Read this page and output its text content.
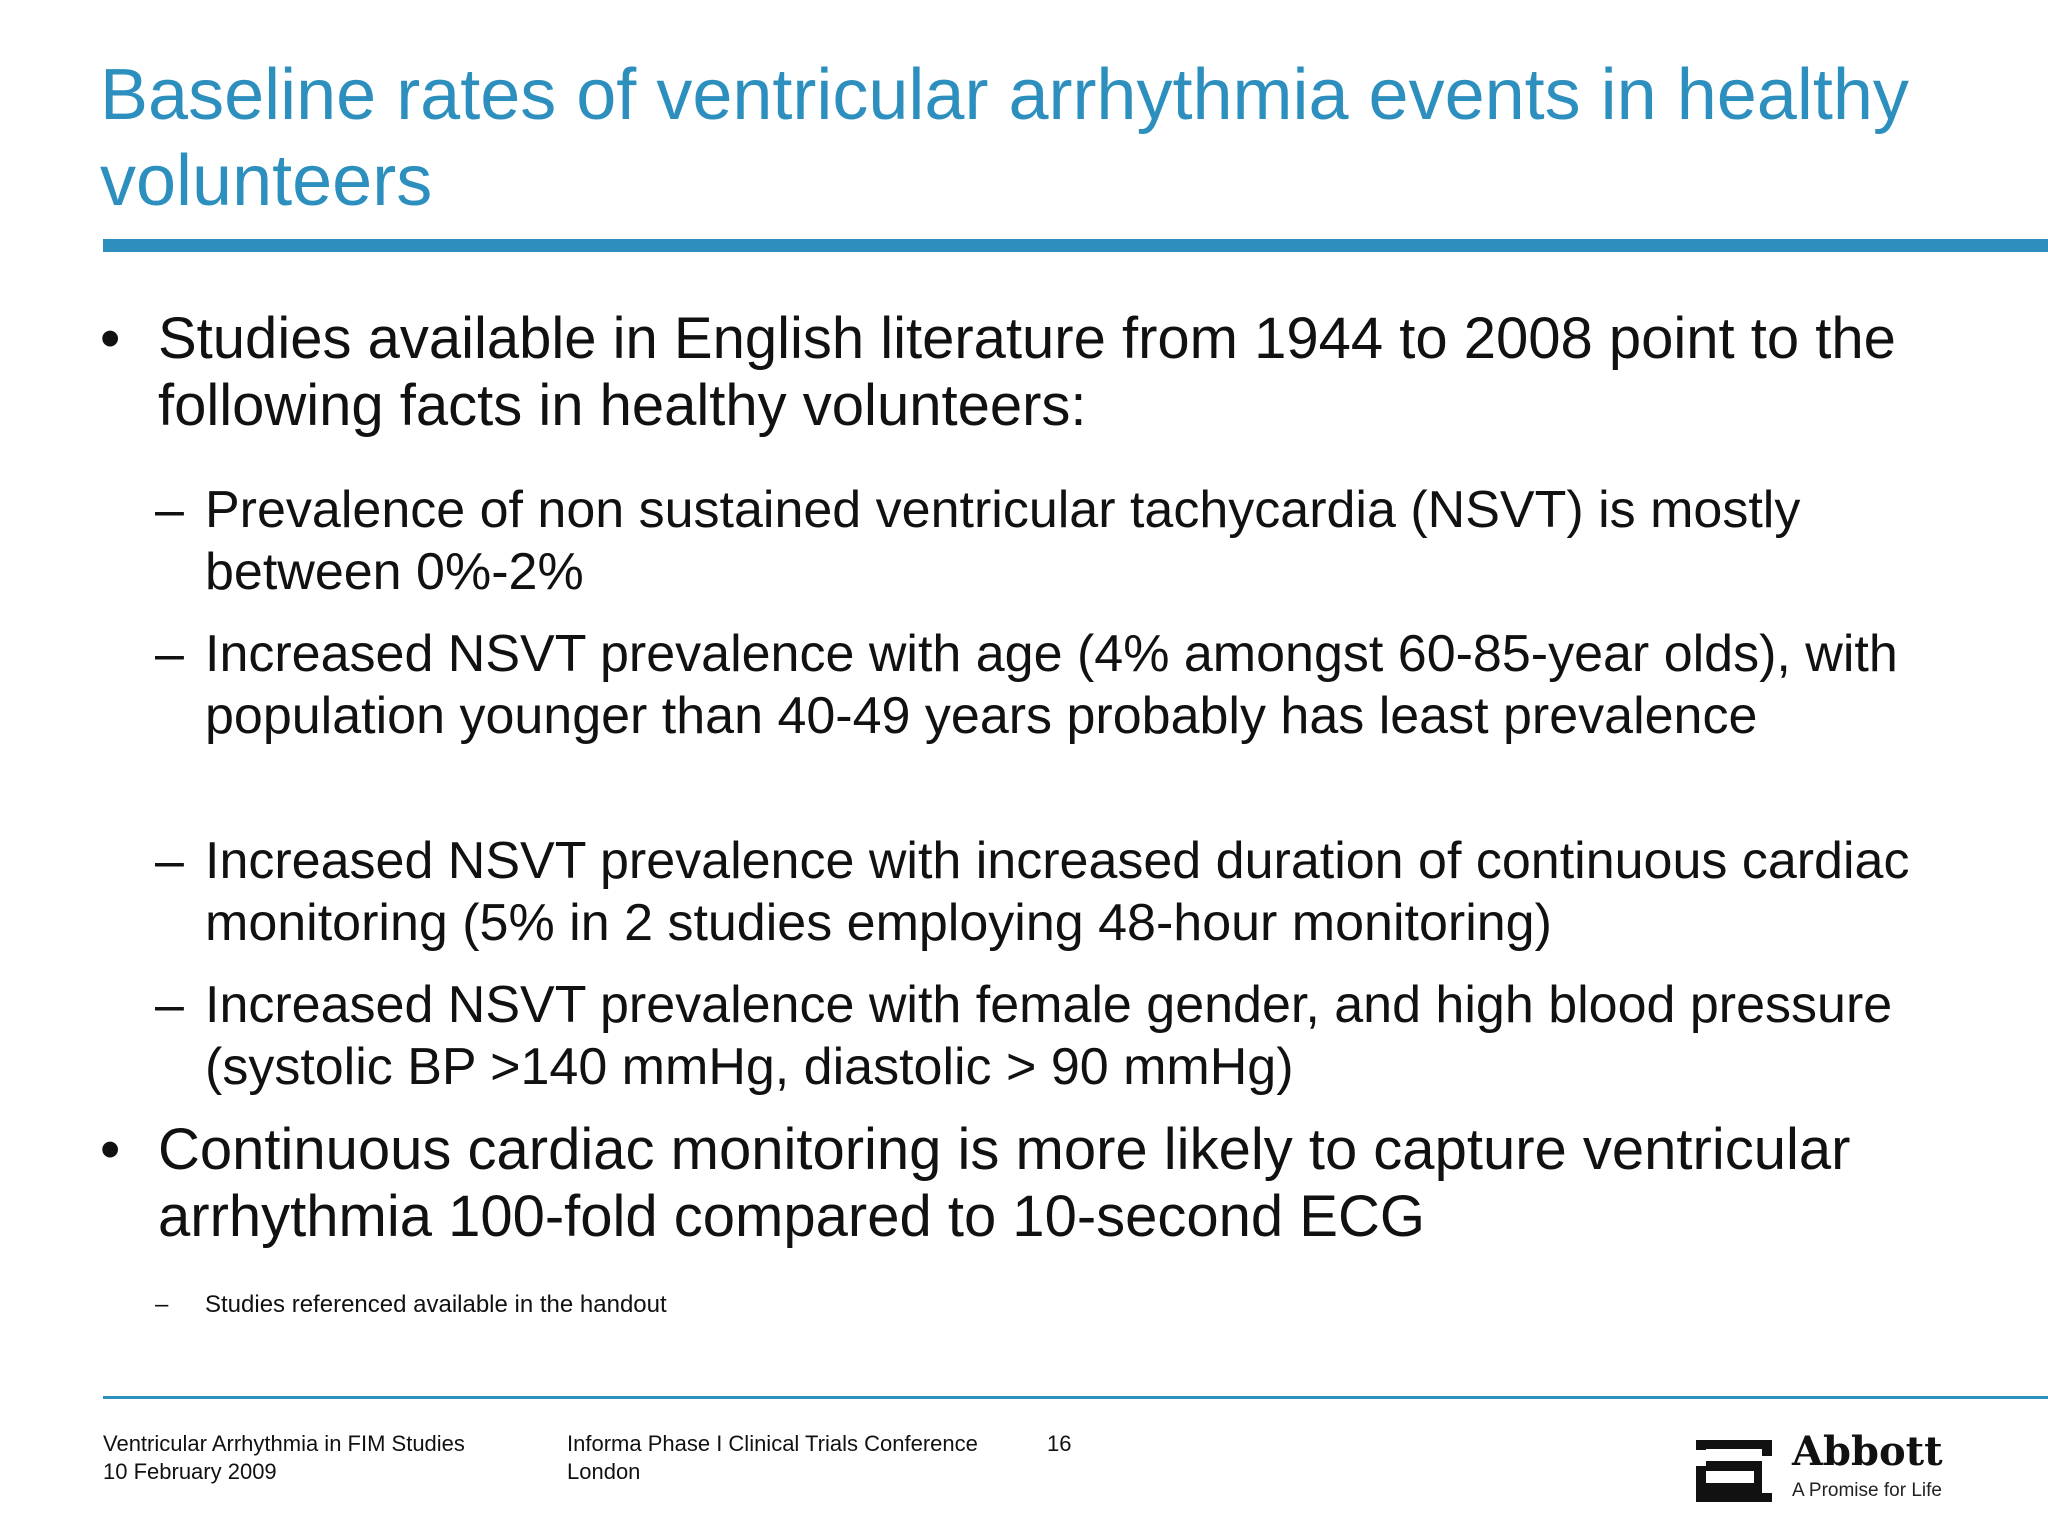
Baseline rates of ventricular arrhythmia events in healthy volunteers
• Studies available in English literature from 1944 to 2008 point to the following facts in healthy volunteers:
– Prevalence of non sustained ventricular tachycardia (NSVT) is mostly between 0%-2%
– Increased NSVT prevalence with age (4% amongst 60-85-year olds), with population younger than 40-49 years probably has least prevalence
– Increased NSVT prevalence with increased duration of continuous cardiac monitoring (5% in 2 studies employing 48-hour monitoring)
– Increased NSVT prevalence with female gender, and high blood pressure (systolic BP >140 mmHg, diastolic > 90 mmHg)
• Continuous cardiac monitoring is more likely to capture ventricular arrhythmia 100-fold compared to 10-second ECG
– Studies referenced available in the handout
Ventricular Arrhythmia in FIM Studies
10 February 2009
Informa Phase I Clinical Trials Conference
London
16	Abbott
A Promise for Life
